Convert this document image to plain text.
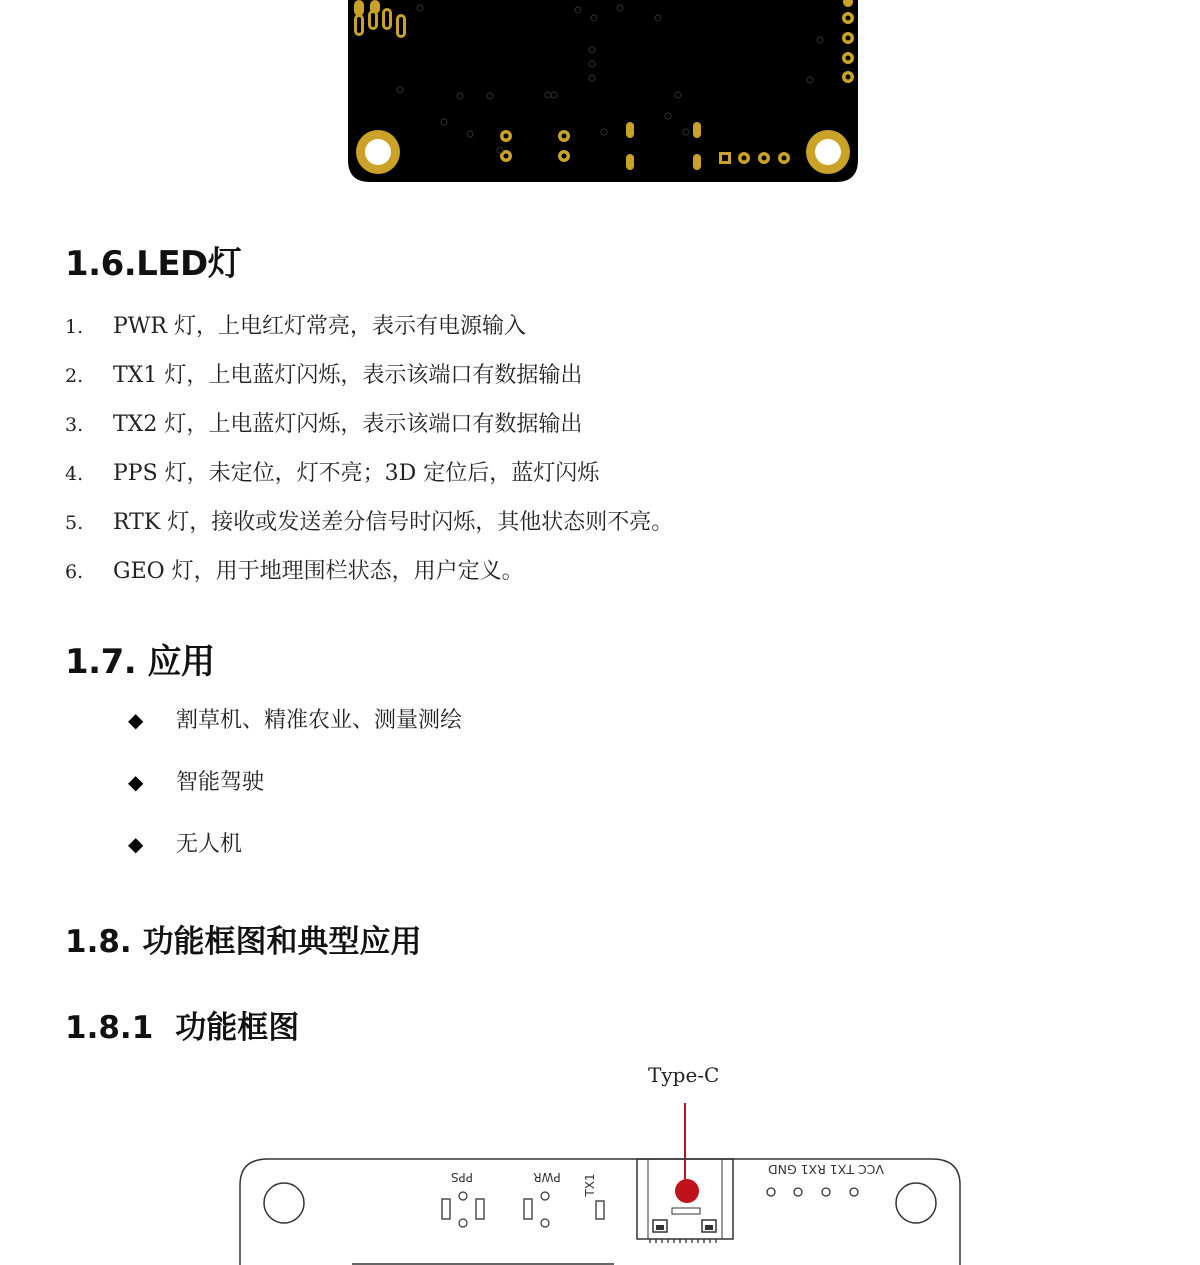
1.6.LED灯
1. PWR 灯，上电红灯常亮，表示有电源输入
2. TX1 灯，上电蓝灯闪烁，表示该端口有数据输出
3. TX2 灯，上电蓝灯闪烁，表示该端口有数据输出
4. PPS 灯，未定位，灯不亮；3D 定位后，蓝灯闪烁
5. RTK 灯，接收或发送差分信号时闪烁，其他状态则不亮。
6. GEO 灯，用于地理围栏状态，用户定义。
1.7. 应用
◆ 割草机、精准农业、测量测绘
◆ 智能驾驶
◆ 无人机
1.8. 功能框图和典型应用
1.8.1 功能框图
Type-C
PPS	PWR TX1
VCC TX1 RX1 GND
